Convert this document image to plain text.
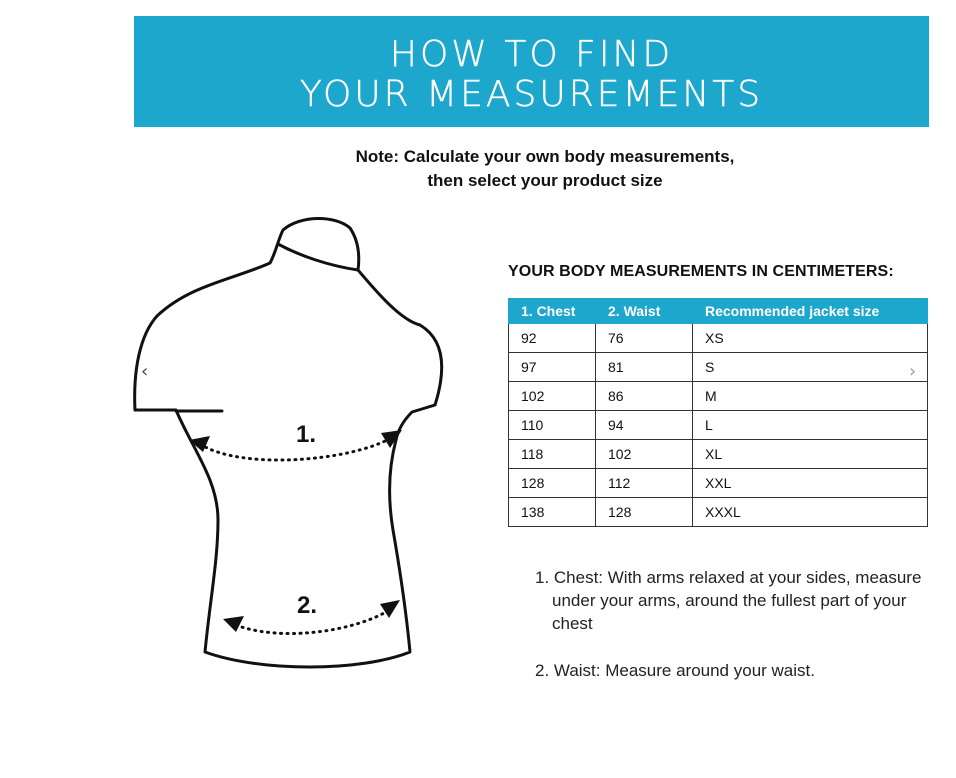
HOW TO FIND
YOUR MEASUREMENTS
Note: Calculate your own body measurements,
then select your product size
1.
2.
YOUR BODY MEASUREMENTS IN CENTIMETERS:
1. Chest	2. Waist	Recommended jacket size
92	76	XS
97	81	S
102	86	M
110	94	L
118	102	XL
128	112	XXL
138	128	XXXL
1. Chest: With arms relaxed at your sides, measure under your arms, around the fullest part of your chest
2. Waist: Measure around your waist.
‹	›
